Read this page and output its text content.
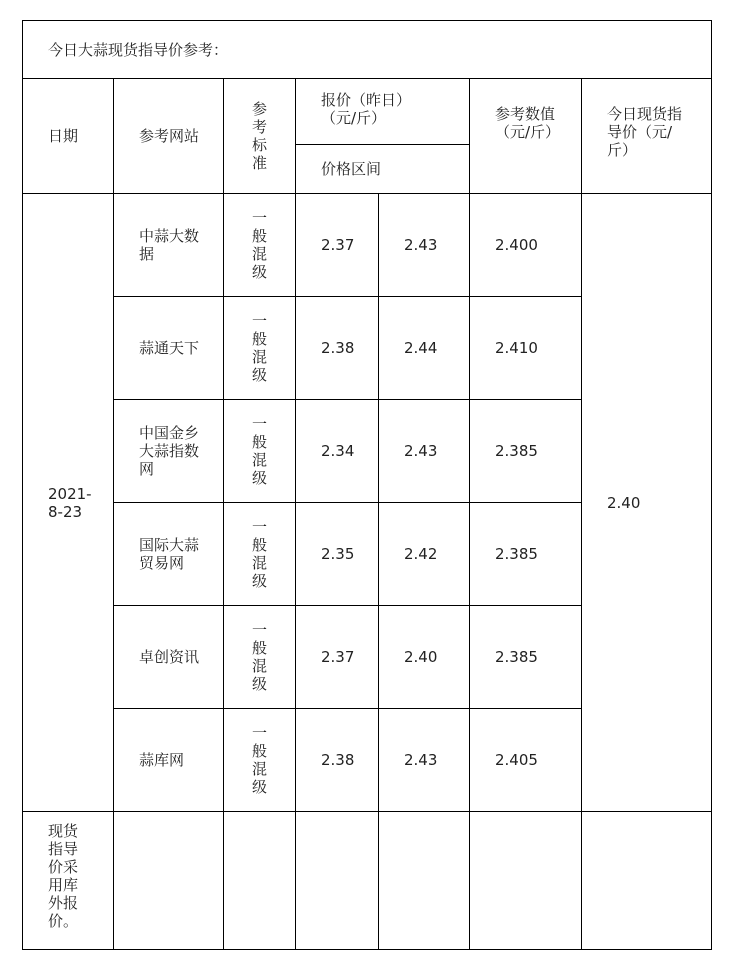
今日大蒜现货指导价参考：						
日期	参考网站	参考标准	报价（昨日）（元/斤）		参考数值（元/斤）	今日现货指导价（元/斤）

			价格区间			

2021-8-23	中蒜大数据	一般混级	2.37	2.43	2.400	2.40

	蒜通天下	一般混级	2.38	2.44	2.410	

	中国金乡大蒜指数网	一般混级	2.34	2.43	2.385	

	国际大蒜贸易网	一般混级	2.35	2.42	2.385	

	卓创资讯	一般混级	2.37	2.40	2.385	

	蒜库网	一般混级	2.38	2.43	2.405	

现货指导价采用库外报价。						
